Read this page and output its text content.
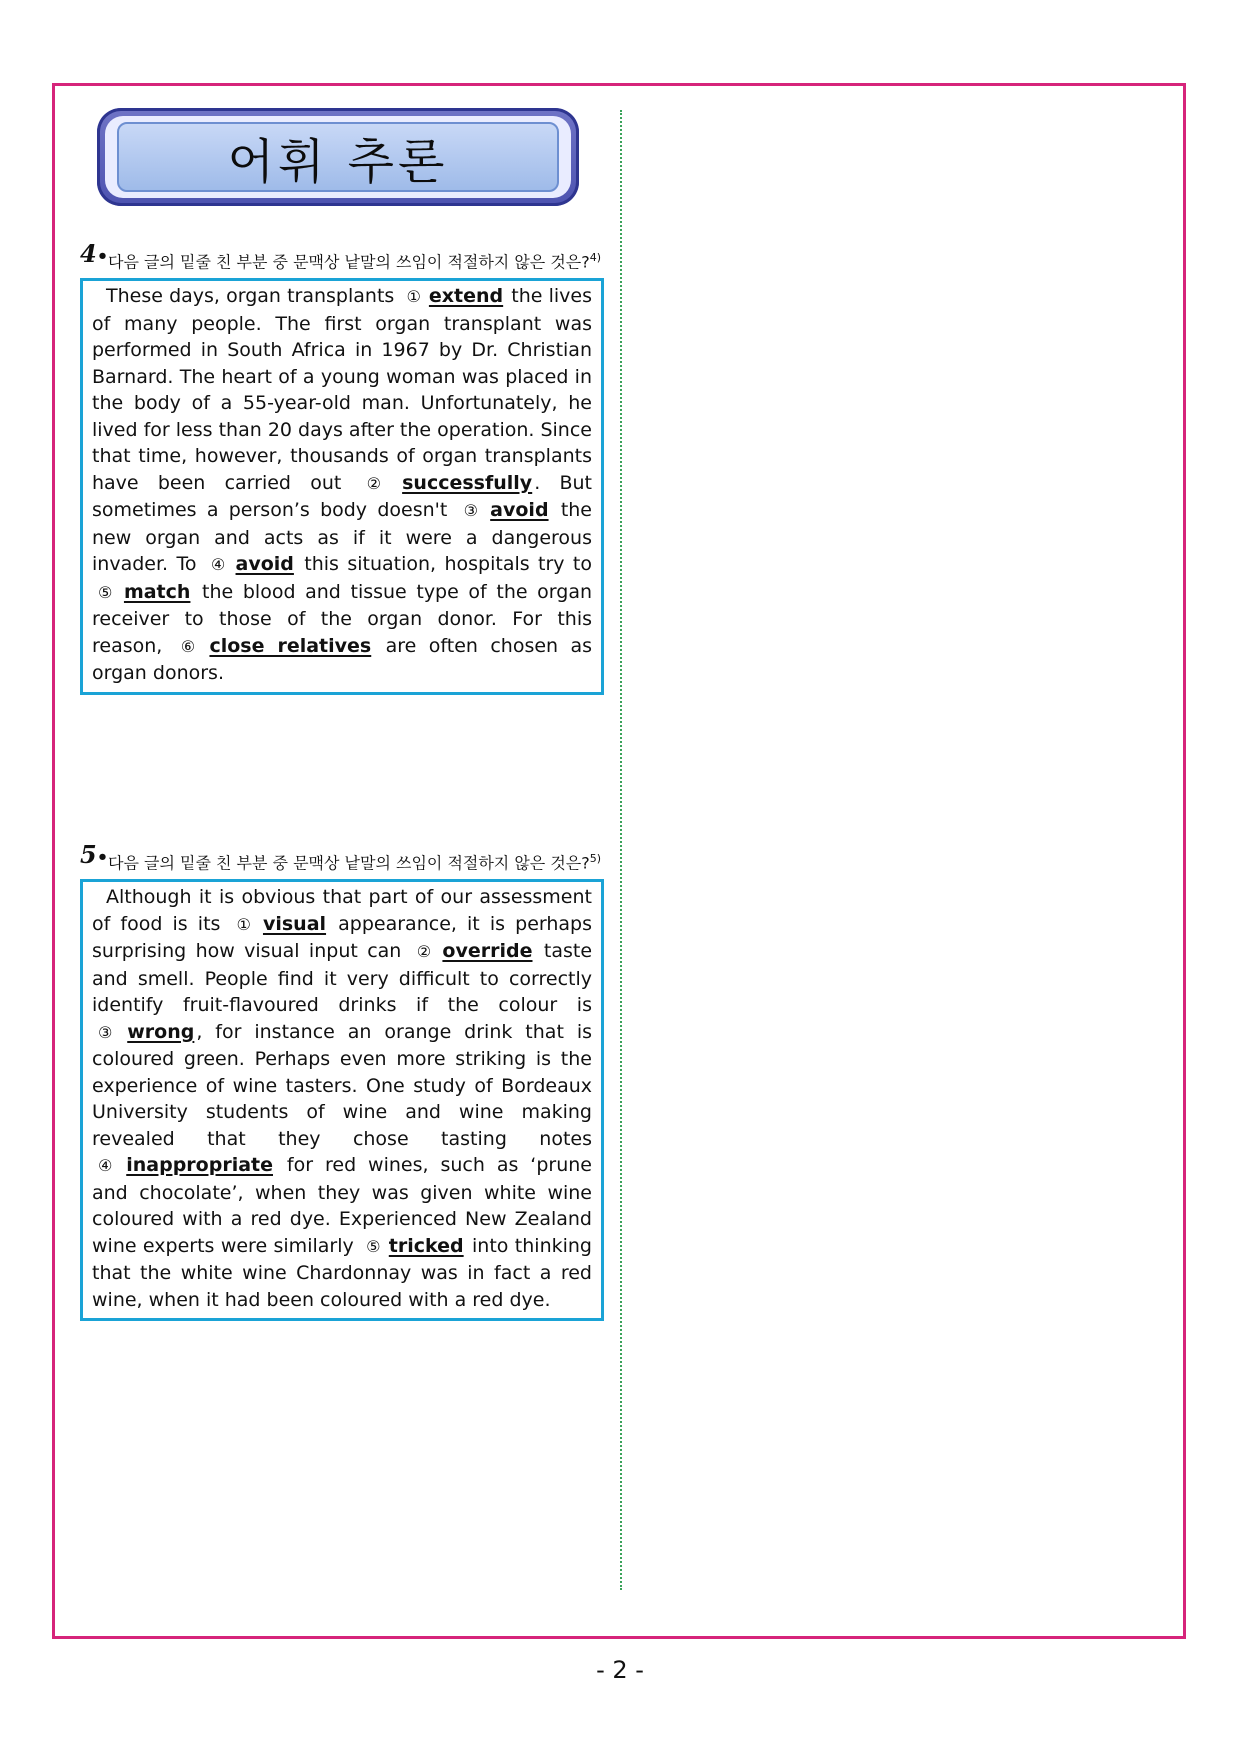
어휘 추론
4• 다음 글의 밑줄 친 부분 중 문맥상 낱말의 쓰임이 적절하지 않은 것은?$^{4)}$
These days, organ transplants ① extend the lives of many people. The first organ transplant was performed in South Africa in 1967 by Dr. Christian Barnard. The heart of a young woman was placed in the body of a 55-year-old man. Unfortunately, he lived for less than 20 days after the operation. Since that time, however, thousands of organ transplants have been carried out ② successfully . But sometimes a person’s body doesn't ③ avoid the new organ and acts as if it were a dangerous invader. To ④ avoid this situation, hospitals try to ⑤ match the blood and tissue type of the organ receiver to those of the organ donor. For this reason, ⑥ close relatives are often chosen as organ donors.
5• 다음 글의 밑줄 친 부분 중 문맥상 낱말의 쓰임이 적절하지 않은 것은?$^{5)}$
Although it is obvious that part of our assessment of food is its ① visual appearance, it is perhaps surprising how visual input can ② override taste and smell. People find it very difficult to correctly identify fruit-flavoured drinks if the colour is ③ wrong , for instance an orange drink that is coloured green. Perhaps even more striking is the experience of wine tasters. One study of Bordeaux University students of wine and wine making revealed that they chose tasting notes ④ inappropriate for red wines, such as ‘prune and chocolate’, when they was given white wine coloured with a red dye. Experienced New Zealand wine experts were similarly ⑤ tricked into thinking that the white wine Chardonnay was in fact a red wine, when it had been coloured with a red dye.
- 2 -
